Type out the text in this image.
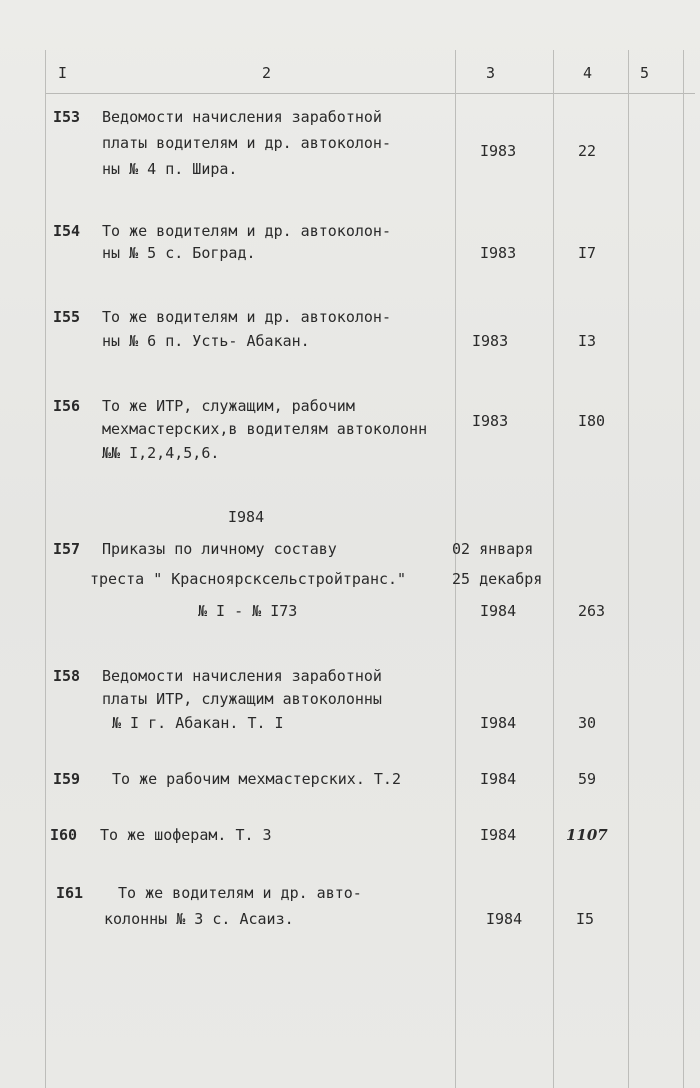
I	2	3	4	5
I53 Ведомости начисления заработной
платы водителям и др. автоколон-
ны № 4 п. Шира.
I983	22
I54 То же водителям и др. автоколон-
ны № 5 с. Боград.	I983	I7
I55 То же водителям и др. автоколон-
ны № 6 п. Усть- Абакан.	I983	I3
I56 То же ИТР, служащим, рабочим
мехмастерских,в водителям автоколонн
№№ I,2,4,5,6.
I983	I80
I984
I57 Приказы по личному составу
треста " Красноярсксельстройтранс."
№ I - № I73
02 января
25 декабря
I984	263
I58 Ведомости начисления заработной
платы ИТР, служащим автоколонны
№ I г. Абакан. Т. I	I984	30
I59 То же рабочим мехмастерских. Т.2	I984	59
I60 То же шоферам. Т. 3	I984	1107
I61 То же водителям и др. авто-
колонны № 3 с. Асаиз.	I984	I5
